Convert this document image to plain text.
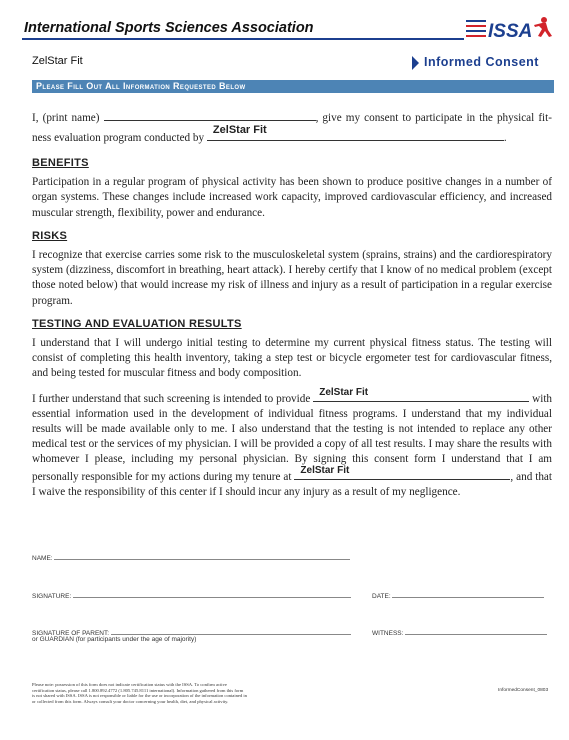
International Sports Sciences Association	ISSA
ZelStar Fit	Informed Consent
Please Fill Out All Information Requested Below

I, (print name)	, give my consent to participate in the physical fit-ness evaluation program conducted by
ZelStar Fit
.

BENEFITS

Participation in a regular program of physical activity has been shown to produce positive changes in a number of organ systems. These changes include increased work capacity, improved cardiovascular efficiency, and increased muscular strength, flexibility, power and endurance.

RISKS

I recognize that exercise carries some risk to the musculoskeletal system (sprains, strains) and the cardiorespiratory system (dizziness, discomfort in breathing, heart attack). I hereby certify that I know of no medical problem (except those noted below) that would increase my risk of illness and injury as a result of participation in a regular exercise program.

TESTING AND EVALUATION RESULTS

I understand that I will undergo initial testing to determine my current physical fitness status. The testing will consist of completing this health inventory, taking a step test or bicycle ergometer test for cardiovascular fitness, and being tested for muscular fitness and body composition.

I further understand that such screening is intended to provide ZelStar Fit	with essential information used in the development of individual fitness programs. I understand that my individual results will be made available only to me. I also understand that the testing is not intended to replace any other medical test or the services of my physician. I will be provided a copy of all test results. I may share the results with whomever I please, including my personal physician. By signing this consent form I understand that I am personally responsible for my actions during my tenure at ZelStar Fit	, and that I waive the responsibility of this center if I should incur any injury as a result of my negligence.

NAME:
SIGNATURE:	DATE:
SIGNATURE OF PARENT:
or GUARDIAN (for participants under the age of majority)
WITNESS:
Please note: possession of this form does not indicate certification status with the ISSA. To confirm active certification status, please call 1.800.892.4772 (1.805.745.8111 international). Information gathered from this form is not shared with ISSA. ISSA is not responsible or liable for the use or incorporation of the information contained in or collected from this form. Always consult your doctor concerning your health, diet, and physical activity.
InformedConsent_0803
